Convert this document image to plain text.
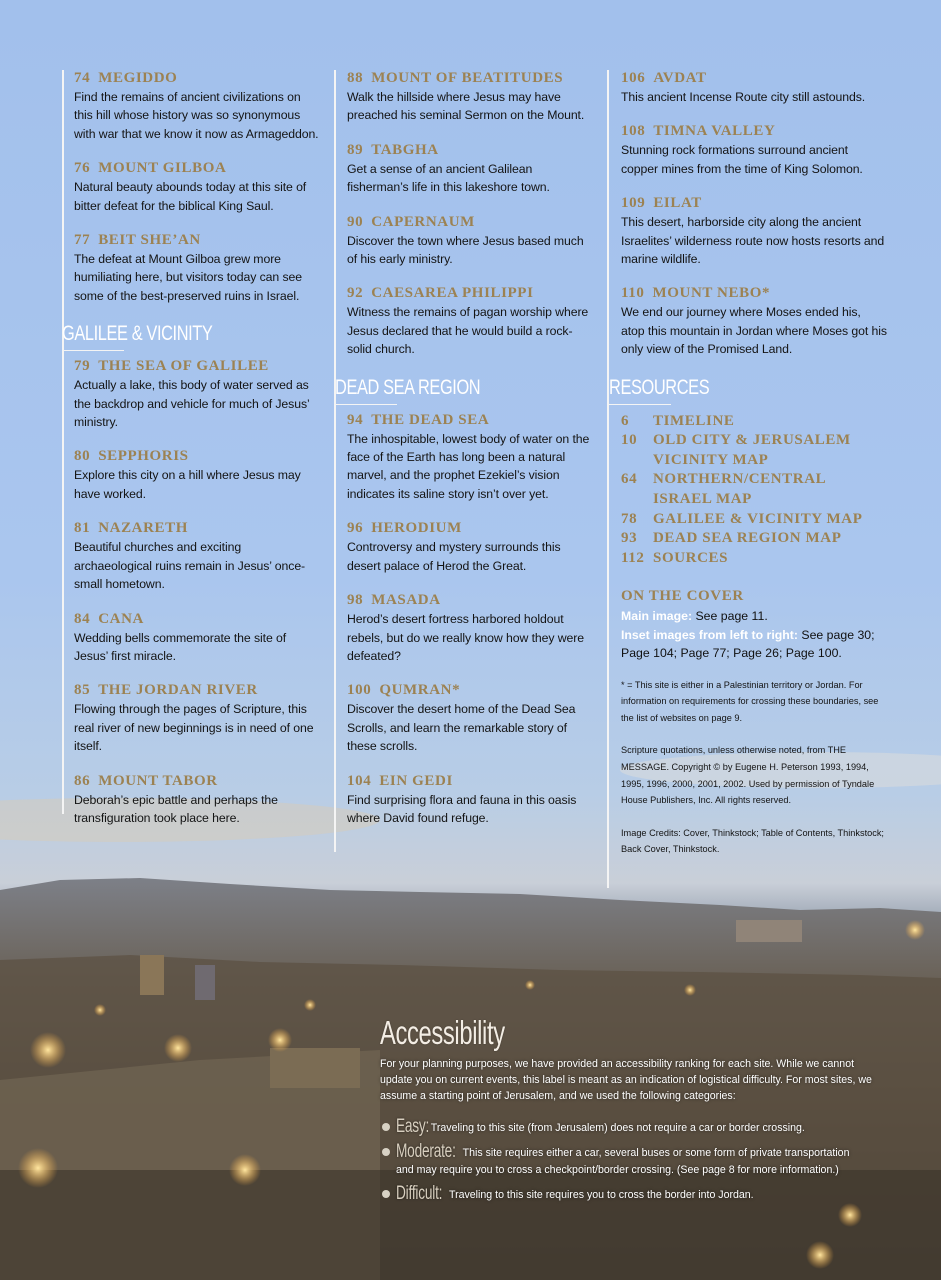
74 MEGIDDO

Find the remains of ancient civilizations on this hill whose history was so synonymous with war that we know it now as Armageddon.

76 MOUNT GILBOA

Natural beauty abounds today at this site of bitter defeat for the biblical King Saul.

77 BEIT SHE’AN

The defeat at Mount Gilboa grew more humiliating here, but visitors today can see some of the best-preserved ruins in Israel.

GALILEE & VICINITY
79 THE SEA OF GALILEE

Actually a lake, this body of water served as the backdrop and vehicle for much of Jesus’ ministry.

80 SEPPHORIS

Explore this city on a hill where Jesus may have worked.

81 NAZARETH

Beautiful churches and exciting archaeological ruins remain in Jesus’ once-small hometown.

84 CANA

Wedding bells commemorate the site of Jesus’ first miracle.

85 THE JORDAN RIVER

Flowing through the pages of Scripture, this real river of new beginnings is in need of one itself.

86 MOUNT TABOR

Deborah’s epic battle and perhaps the transfiguration took place here.

88 MOUNT OF BEATITUDES

Walk the hillside where Jesus may have preached his seminal Sermon on the Mount.

89 TABGHA

Get a sense of an ancient Galilean fisherman’s life in this lakeshore town.

90 CAPERNAUM

Discover the town where Jesus based much of his early ministry.

92 CAESAREA PHILIPPI

Witness the remains of pagan worship where Jesus declared that he would build a rock-solid church.

DEAD SEA REGION
94 THE DEAD SEA

The inhospitable, lowest body of water on the face of the Earth has long been a natural marvel, and the prophet Ezekiel’s vision indicates its saline story isn’t over yet.

96 HERODIUM

Controversy and mystery surrounds this desert palace of Herod the Great.

98 MASADA

Herod’s desert fortress harbored holdout rebels, but do we really know how they were defeated?

100 QUMRAN*

Discover the desert home of the Dead Sea Scrolls, and learn the remarkable story of these scrolls.

104 EIN GEDI

Find surprising flora and fauna in this oasis where David found refuge.

106 AVDAT

This ancient Incense Route city still astounds.

108 TIMNA VALLEY

Stunning rock formations surround ancient copper mines from the time of King Solomon.

109 EILAT

This desert, harborside city along the ancient Israelites’ wilderness route now hosts resorts and marine wildlife.

110 MOUNT NEBO*

We end our journey where Moses ended his, atop this mountain in Jordan where Moses got his only view of the Promised Land.

RESOURCES
6	TIMELINE
10	OLD CITY & JERUSALEM VICINITY MAP
64	NORTHERN/CENTRAL ISRAEL MAP
78	GALILEE & VICINITY MAP
93	DEAD SEA REGION MAP
112 SOURCES
ON THE COVER

Main image: See page 11.

Inset images from left to right: See page 30; Page 104; Page 77; Page 26; Page 100.

* = This site is either in a Palestinian territory or Jordan. For information on requirements for crossing these boundaries, see the list of websites on page 9.

Scripture quotations, unless otherwise noted, from THE MESSAGE. Copyright © by Eugene H. Peterson 1993, 1994, 1995, 1996, 2000, 2001, 2002. Used by permission of Tyndale House Publishers, Inc. All rights reserved.

Image Credits: Cover, Thinkstock; Table of Contents, Thinkstock; Back Cover, Thinkstock.

Accessibility

For your planning purposes, we have provided an accessibility ranking for each site. While we cannot update you on current events, this label is meant as an indication of logistical difficulty. For most sites, we assume a starting point of Jerusalem, and we used the following categories:

Easy: Traveling to this site (from Jerusalem) does not require a car or border crossing.
Moderate: This site requires either a car, several buses or some form of private transportation
and may require you to cross a checkpoint/border crossing. (See page 8 for more information.)
Difficult: Traveling to this site requires you to cross the border into Jordan.
